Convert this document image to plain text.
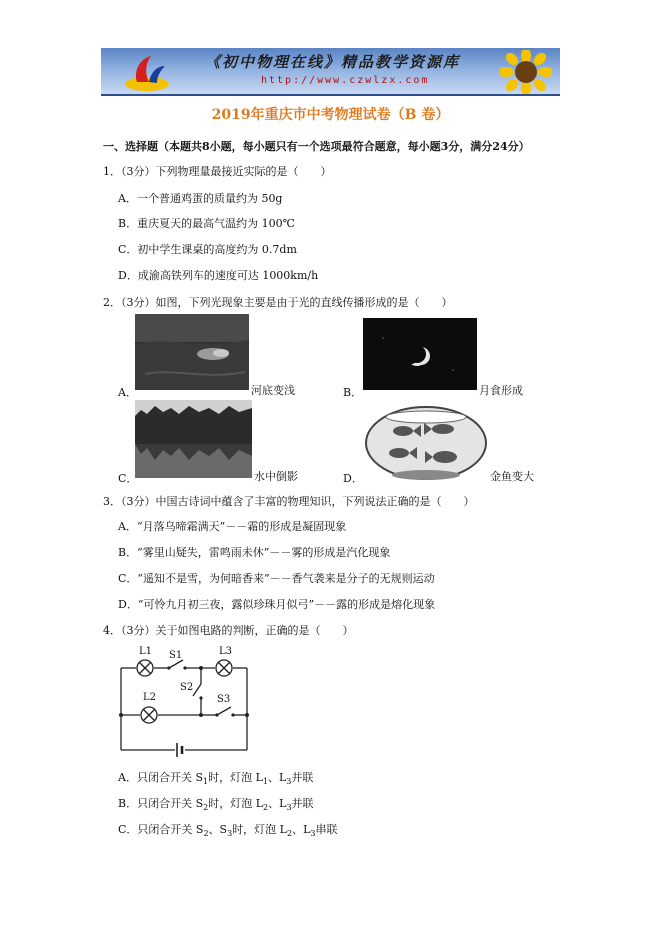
《初中物理在线》精品教学资源库
http://www.czwlzx.com
2019年重庆市中考物理试卷（B 卷）
一、选择题（本题共8小题，每小题只有一个选项最符合题意，每小题3分，满分24分）
1．（3分）下列物理量最接近实际的是（　　）
A．一个普通鸡蛋的质量约为 50g
B．重庆夏天的最高气温约为 100℃
C．初中学生课桌的高度约为 0.7dm
D．成渝高铁列车的速度可达 1000km/h
2．（3分）如图，下列光现象主要是由于光的直线传播形成的是（　　）
A．	河底变浅	B．	月食形成
C．	水中倒影	D．	金鱼变大
3．（3分）中国古诗词中蕴含了丰富的物理知识，下列说法正确的是（　　）
A．“月落乌啼霜满天”－－霜的形成是凝固现象
B．“雾里山疑失，雷鸣雨未休”－－雾的形成是汽化现象
C．“遥知不是雪，为何暗香来”－－香气袭来是分子的无规则运动
D．“可怜九月初三夜，露似珍珠月似弓”－－露的形成是熔化现象
4．（3分）关于如图电路的判断，正确的是（　　）
L1 S1	L3
S2
L2	S3
A．只闭合开关 $S_1$时，灯泡 $L_1$、$L_3$并联
B．只闭合开关 $S_2$时，灯泡 $L_2$、$L_3$并联
C．只闭合开关 $S_2$、$S_3$时，灯泡 $L_2$、$L_3$串联
